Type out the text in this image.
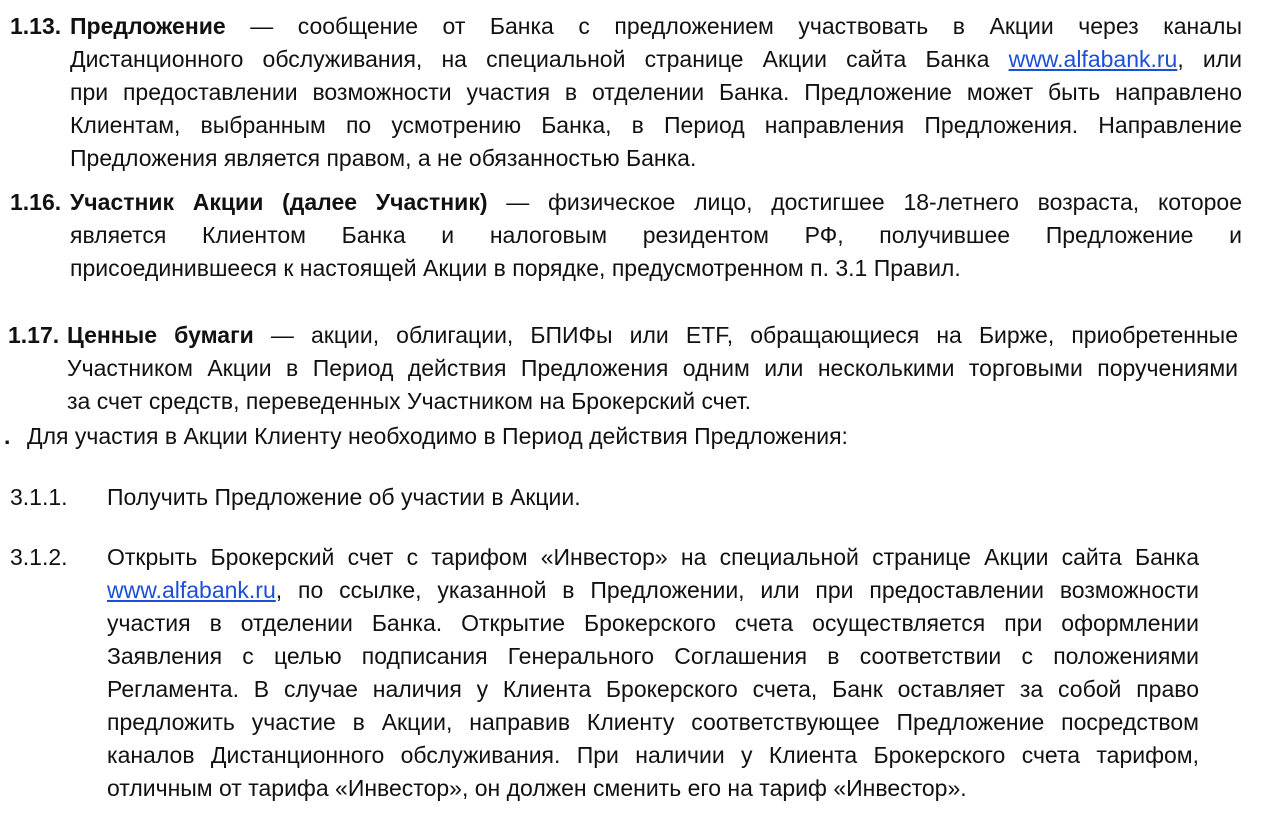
1.13. Предложение — сообщение от Банка с предложением участвовать в Акции через каналы
Дистанционного обслуживания, на специальной странице Акции сайта Банка www.alfabank.ru, или
при предоставлении возможности участия в отделении Банка. Предложение может быть направлено
Клиентам, выбранным по усмотрению Банка, в Период направления Предложения. Направление
Предложения является правом, а не обязанностью Банка.
1.16. Участник Акции (далее Участник) — физическое лицо, достигшее 18-летнего возраста, которое
является Клиентом Банка и налоговым резидентом РФ, получившее Предложение и
присоединившееся к настоящей Акции в порядке, предусмотренном п. 3.1 Правил.
1.17. Ценные бумаги — акции, облигации, БПИФы или ETF, обращающиеся на Бирже, приобретенные
Участником Акции в Период действия Предложения одним или несколькими торговыми поручениями
за счет средств, переведенных Участником на Брокерский счет.
. Для участия в Акции Клиенту необходимо в Период действия Предложения:
3.1.1. Получить Предложение об участии в Акции.
3.1.2. Открыть Брокерский счет с тарифом «Инвестор» на специальной странице Акции сайта Банка
www.alfabank.ru, по ссылке, указанной в Предложении, или при предоставлении возможности
участия в отделении Банка. Открытие Брокерского счета осуществляется при оформлении
Заявления с целью подписания Генерального Соглашения в соответствии с положениями
Регламента. В случае наличия у Клиента Брокерского счета, Банк оставляет за собой право
предложить участие в Акции, направив Клиенту соответствующее Предложение посредством
каналов Дистанционного обслуживания. При наличии у Клиента Брокерского счета тарифом,
отличным от тарифа «Инвестор», он должен сменить его на тариф «Инвестор».
